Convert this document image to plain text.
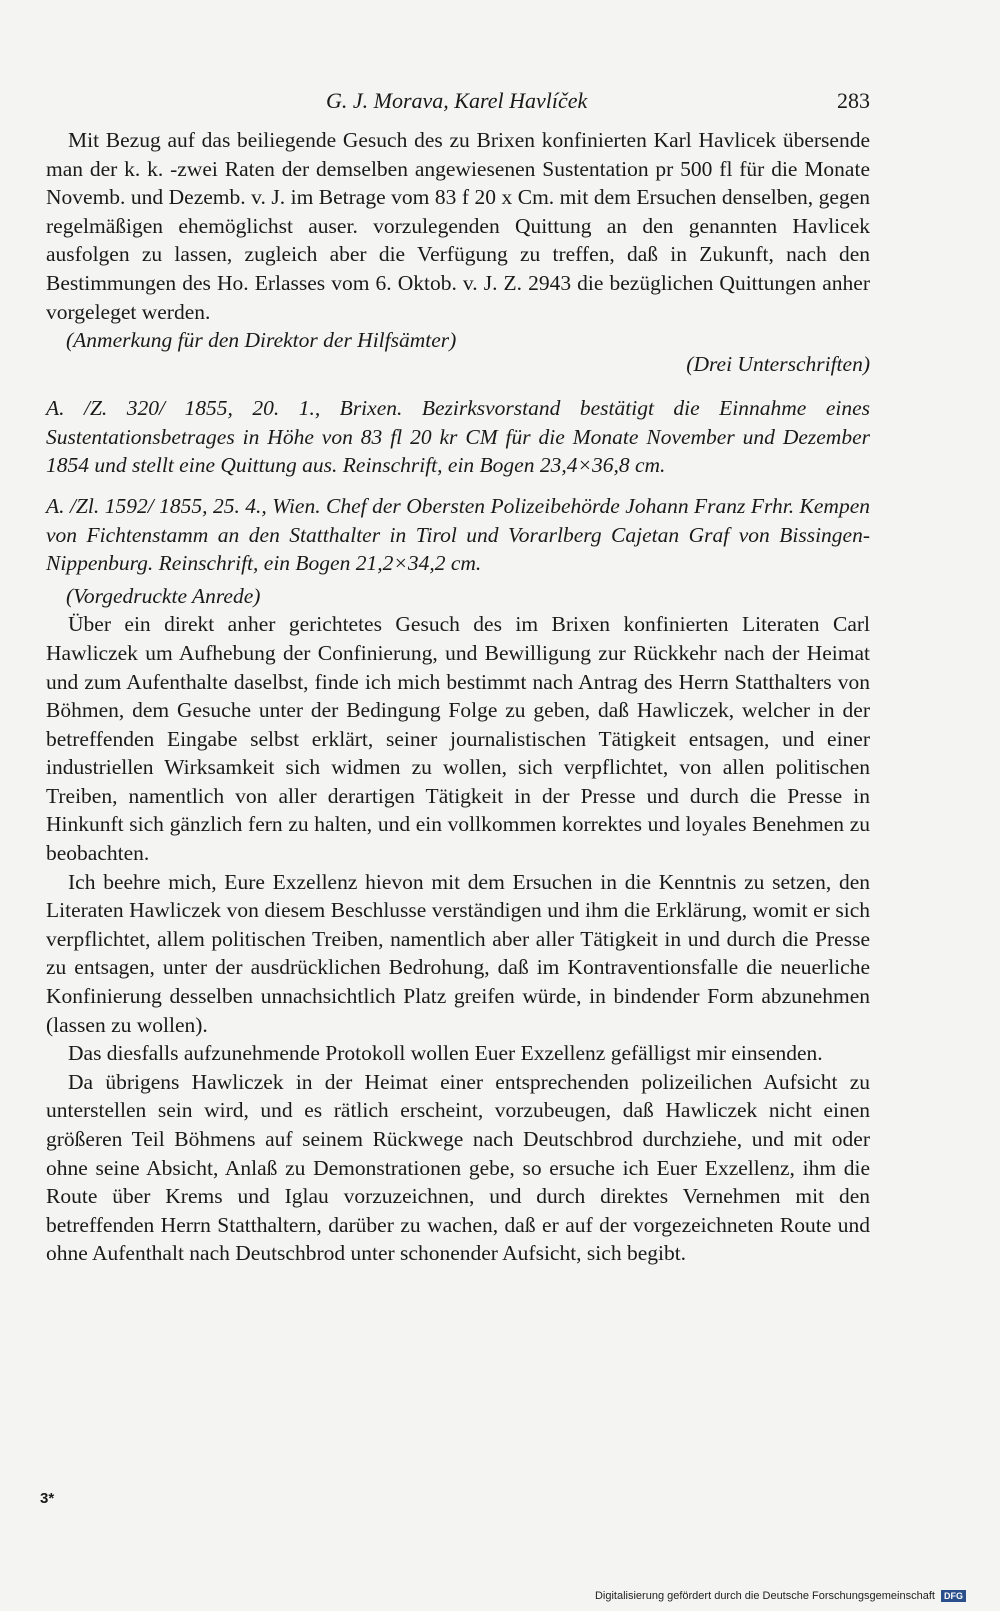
G. J. Morava, Karel Havlíček	283

Mit Bezug auf das beiliegende Gesuch des zu Brixen konfinierten Karl Havlicek übersende man der k. k. -zwei Raten der demselben angewiesenen Sustentation pr 500 fl für die Monate Novemb. und Dezemb. v. J. im Betrage vom 83 f 20 x Cm. mit dem Ersuchen denselben, gegen regelmäßigen ehemöglichst auser. vorzulegenden Quittung an den genannten Havlicek ausfolgen zu lassen, zugleich aber die Verfügung zu treffen, daß in Zukunft, nach den Bestimmungen des Ho. Erlasses vom 6. Oktob. v. J. Z. 2943 die bezüglichen Quittungen anher vorgeleget werden.

(Anmerkung für den Direktor der Hilfsämter)
(Drei Unterschriften)

A. /Z. 320/ 1855, 20. 1., Brixen. Bezirksvorstand bestätigt die Einnahme eines Sustentationsbetrages in Höhe von 83 fl 20 kr CM für die Monate November und Dezember 1854 und stellt eine Quittung aus. Reinschrift, ein Bogen 23,4×36,8 cm.

A. /Zl. 1592/ 1855, 25. 4., Wien. Chef der Obersten Polizeibehörde Johann Franz Frhr. Kempen von Fichtenstamm an den Statthalter in Tirol und Vorarlberg Cajetan Graf von Bissingen-Nippenburg. Reinschrift, ein Bogen 21,2×34,2 cm.

(Vorgedruckte Anrede)

Über ein direkt anher gerichtetes Gesuch des im Brixen konfinierten Literaten Carl Hawliczek um Aufhebung der Confinierung, und Bewilligung zur Rückkehr nach der Heimat und zum Aufenthalte daselbst, finde ich mich bestimmt nach Antrag des Herrn Statthalters von Böhmen, dem Gesuche unter der Bedingung Folge zu geben, daß Hawliczek, welcher in der betreffenden Eingabe selbst erklärt, seiner journalistischen Tätigkeit entsagen, und einer industriellen Wirksamkeit sich widmen zu wollen, sich verpflichtet, von allen politischen Treiben, namentlich von aller derartigen Tätigkeit in der Presse und durch die Presse in Hinkunft sich gänzlich fern zu halten, und ein vollkommen korrektes und loyales Benehmen zu beobachten.

Ich beehre mich, Eure Exzellenz hievon mit dem Ersuchen in die Kenntnis zu setzen, den Literaten Hawliczek von diesem Beschlusse verständigen und ihm die Erklärung, womit er sich verpflichtet, allem politischen Treiben, namentlich aber aller Tätigkeit in und durch die Presse zu entsagen, unter der ausdrücklichen Bedrohung, daß im Kontraventionsfalle die neuerliche Konfinierung desselben unnachsichtlich Platz greifen würde, in bindender Form abzunehmen (lassen zu wollen).

Das diesfalls aufzunehmende Protokoll wollen Euer Exzellenz gefälligst mir einsenden.

Da übrigens Hawliczek in der Heimat einer entsprechenden polizeilichen Aufsicht zu unterstellen sein wird, und es rätlich erscheint, vorzubeugen, daß Hawliczek nicht einen größeren Teil Böhmens auf seinem Rückwege nach Deutschbrod durchziehe, und mit oder ohne seine Absicht, Anlaß zu Demonstrationen gebe, so ersuche ich Euer Exzellenz, ihm die Route über Krems und Iglau vorzuzeichnen, und durch direktes Vernehmen mit den betreffenden Herrn Statthaltern, darüber zu wachen, daß er auf der vorgezeichneten Route und ohne Aufenthalt nach Deutschbrod unter schonender Aufsicht, sich begibt.

3*
Digitalisierung gefördert durch die Deutsche Forschungsgemeinschaft DFG
